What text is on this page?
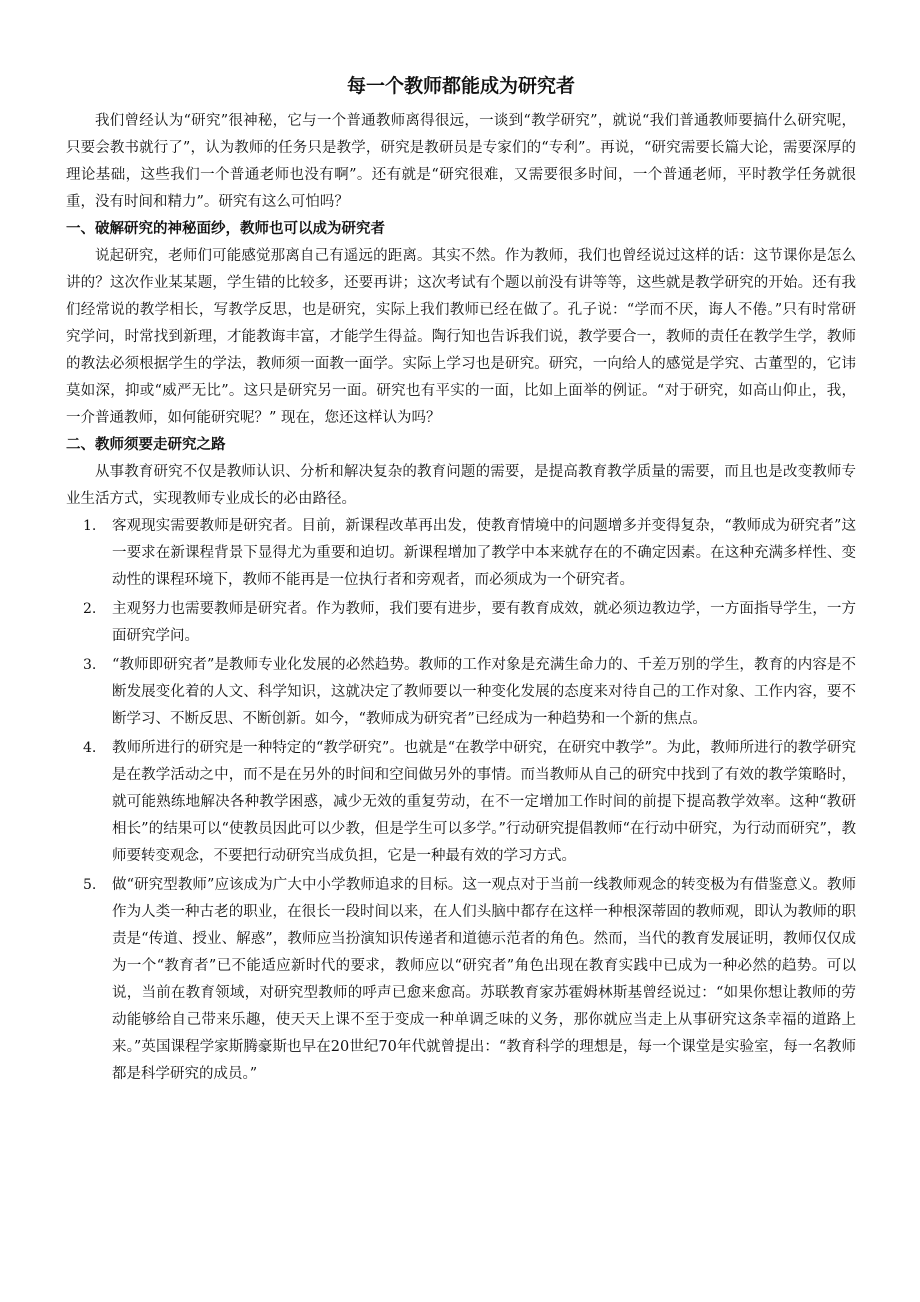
每一个教师都能成为研究者

我们曾经认为“研究”很神秘，它与一个普通教师离得很远，一谈到“教学研究”，就说“我们普通教师要搞什么研究呢，只要会教书就行了”，认为教师的任务只是教学，研究是教研员是专家们的“专利”。再说，“研究需要长篇大论，需要深厚的理论基础，这些我们一个普通老师也没有啊”。还有就是“研究很难，又需要很多时间，一个普通老师，平时教学任务就很重，没有时间和精力”。研究有这么可怕吗？

一、破解研究的神秘面纱，教师也可以成为研究者

说起研究，老师们可能感觉那离自己有遥远的距离。其实不然。作为教师，我们也曾经说过这样的话：这节课你是怎么讲的？这次作业某某题，学生错的比较多，还要再讲；这次考试有个题以前没有讲等等，这些就是教学研究的开始。还有我们经常说的教学相长，写教学反思，也是研究，实际上我们教师已经在做了。孔子说：“学而不厌，诲人不倦。”只有时常研究学问，时常找到新理，才能教诲丰富，才能学生得益。陶行知也告诉我们说，教学要合一，教师的责任在教学生学，教师的教法必须根据学生的学法，教师须一面教一面学。实际上学习也是研究。研究，一向给人的感觉是学究、古董型的，它讳莫如深，抑或“威严无比”。这只是研究另一面。研究也有平实的一面，比如上面举的例证。“对于研究，如高山仰止，我，一介普通教师，如何能研究呢？” 现在，您还这样认为吗？

二、教师须要走研究之路

从事教育研究不仅是教师认识、分析和解决复杂的教育问题的需要，是提高教育教学质量的需要，而且也是改变教师专业生活方式，实现教师专业成长的必由路径。

1. 客观现实需要教师是研究者。目前，新课程改革再出发，使教育情境中的问题增多并变得复杂，“教师成为研究者”这一要求在新课程背景下显得尤为重要和迫切。新课程增加了教学中本来就存在的不确定因素。在这种充满多样性、变动性的课程环境下，教师不能再是一位执行者和旁观者，而必须成为一个研究者。

2. 主观努力也需要教师是研究者。作为教师，我们要有进步，要有教育成效，就必须边教边学，一方面指导学生，一方面研究学问。

3. “教师即研究者”是教师专业化发展的必然趋势。教师的工作对象是充满生命力的、千差万别的学生，教育的内容是不断发展变化着的人文、科学知识，这就决定了教师要以一种变化发展的态度来对待自己的工作对象、工作内容，要不断学习、不断反思、不断创新。如今，“教师成为研究者”已经成为一种趋势和一个新的焦点。

4. 教师所进行的研究是一种特定的“教学研究”。也就是“在教学中研究，在研究中教学”。为此，教师所进行的教学研究是在教学活动之中，而不是在另外的时间和空间做另外的事情。而当教师从自己的研究中找到了有效的教学策略时，就可能熟练地解决各种教学困惑，减少无效的重复劳动，在不一定增加工作时间的前提下提高教学效率。这种“教研相长”的结果可以“使教员因此可以少教，但是学生可以多学。”行动研究提倡教师“在行动中研究，为行动而研究”，教师要转变观念，不要把行动研究当成负担，它是一种最有效的学习方式。

5. 做“研究型教师”应该成为广大中小学教师追求的目标。这一观点对于当前一线教师观念的转变极为有借鉴意义。教师作为人类一种古老的职业，在很长一段时间以来，在人们头脑中都存在这样一种根深蒂固的教师观，即认为教师的职责是“传道、授业、解惑”，教师应当扮演知识传递者和道德示范者的角色。然而，当代的教育发展证明，教师仅仅成为一个“教育者”已不能适应新时代的要求，教师应以“研究者”角色出现在教育实践中已成为一种必然的趋势。可以说，当前在教育领域，对研究型教师的呼声已愈来愈高。苏联教育家苏霍姆林斯基曾经说过：“如果你想让教师的劳动能够给自己带来乐趣，使天天上课不至于变成一种单调乏味的义务，那你就应当走上从事研究这条幸福的道路上来。”英国课程学家斯腾豪斯也早在20世纪70年代就曾提出：“教育科学的理想是，每一个课堂是实验室，每一名教师都是科学研究的成员。”
